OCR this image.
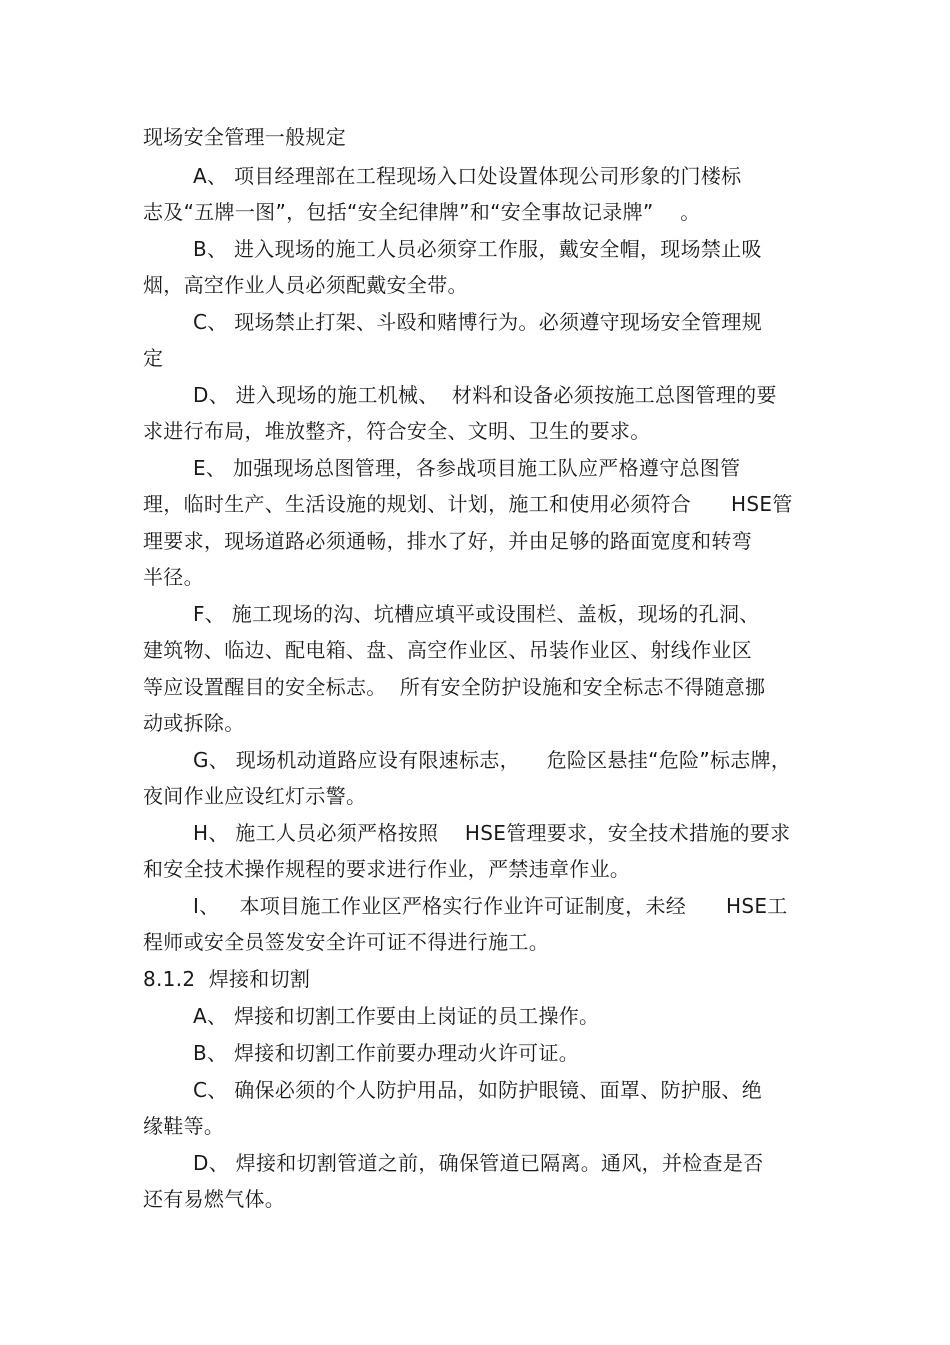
现场安全管理一般规定
A、 项目经理部在工程现场入口处设置体现公司形象的门楼标
志及“五牌一图”，包括“安全纪律牌”和“安全事故记录牌”    。
B、 进入现场的施工人员必须穿工作服，戴安全帽，现场禁止吸
烟，高空作业人员必须配戴安全带。
C、 现场禁止打架、斗殴和赌博行为。必须遵守现场安全管理规
定
D、 进入现场的施工机械、  材料和设备必须按施工总图管理的要
求进行布局，堆放整齐，符合安全、文明、卫生的要求。
E、 加强现场总图管理，各参战项目施工队应严格遵守总图管
理，临时生产、生活设施的规划、计划，施工和使用必须符合      HSE管
理要求，现场道路必须通畅，排水了好，并由足够的路面宽度和转弯
半径。
F、 施工现场的沟、坑槽应填平或设围栏、盖板，现场的孔洞、
建筑物、临边、配电箱、盘、高空作业区、吊装作业区、射线作业区
等应设置醒目的安全标志。  所有安全防护设施和安全标志不得随意挪
动或拆除。
G、 现场机动道路应设有限速标志，    危险区悬挂“危险”标志牌，
夜间作业应设红灯示警。
H、 施工人员必须严格按照    HSE管理要求，安全技术措施的要求
和安全技术操作规程的要求进行作业，严禁违章作业。
I、   本项目施工作业区严格实行作业许可证制度，未经      HSE工
程师或安全员签发安全许可证不得进行施工。
8.1.2  焊接和切割
A、 焊接和切割工作要由上岗证的员工操作。
B、 焊接和切割工作前要办理动火许可证。
C、 确保必须的个人防护用品，如防护眼镜、面罩、防护服、绝
缘鞋等。
D、 焊接和切割管道之前，确保管道已隔离。通风，并检查是否
还有易燃气体。
